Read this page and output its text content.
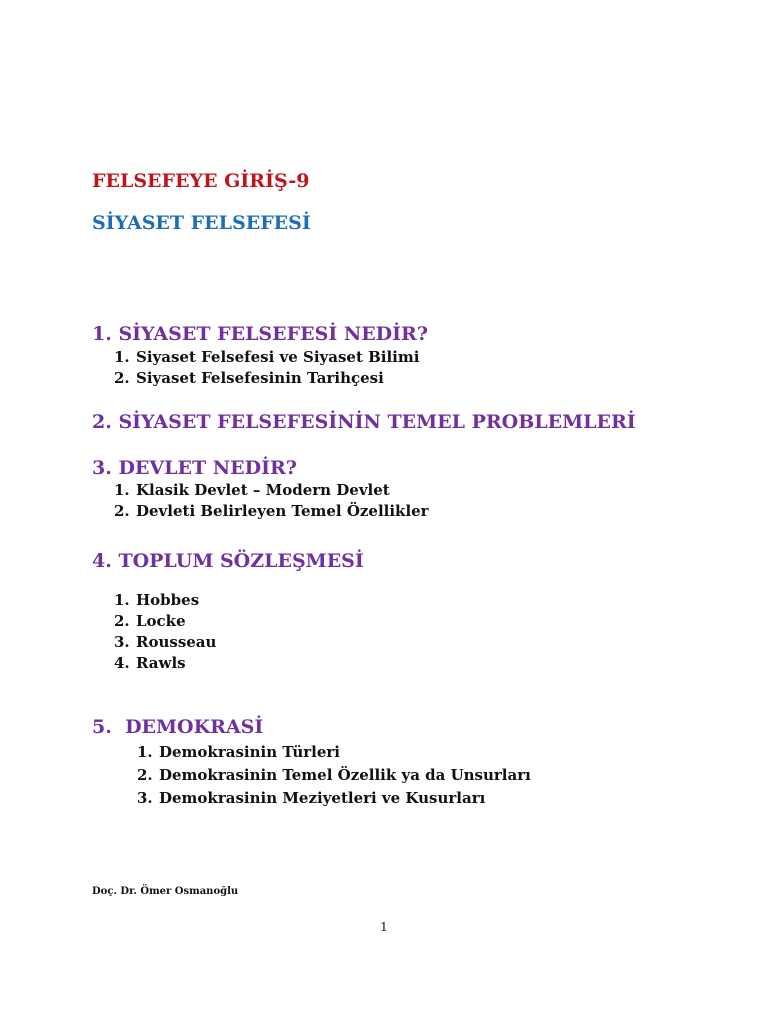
FELSEFEYE GİRİŞ-9
SİYASET FELSEFESİ
1. SİYASET FELSEFESİ NEDİR?
1. Siyaset Felsefesi ve Siyaset Bilimi
2. Siyaset Felsefesinin Tarihçesi
2. SİYASET FELSEFESİNİN TEMEL PROBLEMLERİ
3. DEVLET NEDİR?
1. Klasik Devlet – Modern Devlet
2. Devleti Belirleyen Temel Özellikler
4. TOPLUM SÖZLEŞMESİ
1. Hobbes
2. Locke
3. Rousseau
4. Rawls
5.  DEMOKRASİ
1. Demokrasinin Türleri
2. Demokrasinin Temel Özellik ya da Unsurları
3. Demokrasinin Meziyetleri ve Kusurları
Doç. Dr. Ömer Osmanoğlu
1
